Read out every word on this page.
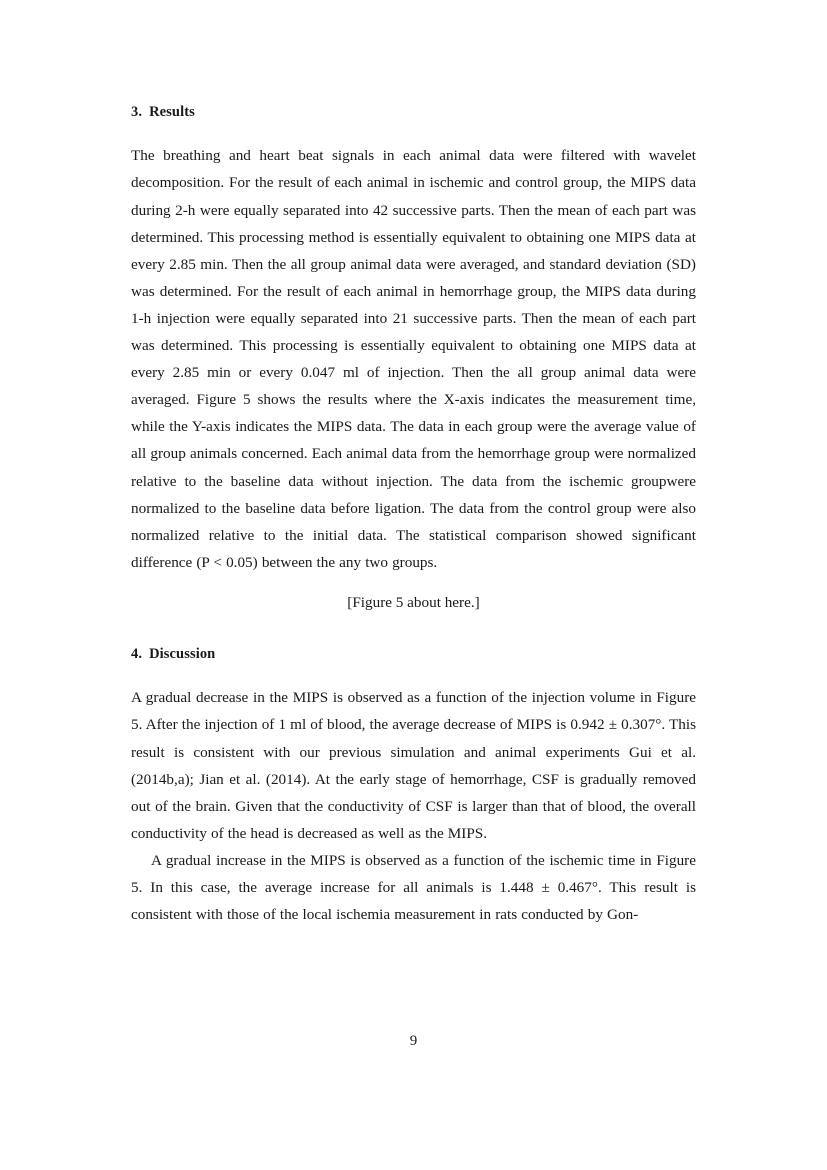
3. Results

The breathing and heart beat signals in each animal data were filtered with wavelet decomposition. For the result of each animal in ischemic and control group, the MIPS data during 2-h were equally separated into 42 successive parts. Then the mean of each part was determined. This processing method is essentially equivalent to obtaining one MIPS data at every 2.85 min. Then the all group animal data were averaged, and standard deviation (SD) was determined. For the result of each animal in hemorrhage group, the MIPS data during 1-h injection were equally separated into 21 successive parts. Then the mean of each part was determined. This processing is essentially equivalent to obtaining one MIPS data at every 2.85 min or every 0.047 ml of injection. Then the all group animal data were averaged. Figure 5 shows the results where the X-axis indicates the measurement time, while the Y-axis indicates the MIPS data. The data in each group were the average value of all group animals concerned. Each animal data from the hemorrhage group were normalized relative to the baseline data without injection. The data from the ischemic groupwere normalized to the baseline data before ligation. The data from the control group were also normalized relative to the initial data. The statistical comparison showed significant difference (P < 0.05) between the any two groups.

[Figure 5 about here.]

4. Discussion

A gradual decrease in the MIPS is observed as a function of the injection volume in Figure 5. After the injection of 1 ml of blood, the average decrease of MIPS is 0.942 ± 0.307°. This result is consistent with our previous simulation and animal experiments Gui et al. (2014b,a); Jian et al. (2014). At the early stage of hemorrhage, CSF is gradually removed out of the brain. Given that the conductivity of CSF is larger than that of blood, the overall conductivity of the head is decreased as well as the MIPS.

A gradual increase in the MIPS is observed as a function of the ischemic time in Figure 5. In this case, the average increase for all animals is 1.448 ± 0.467°. This result is consistent with those of the local ischemia measurement in rats conducted by Gon-

9
